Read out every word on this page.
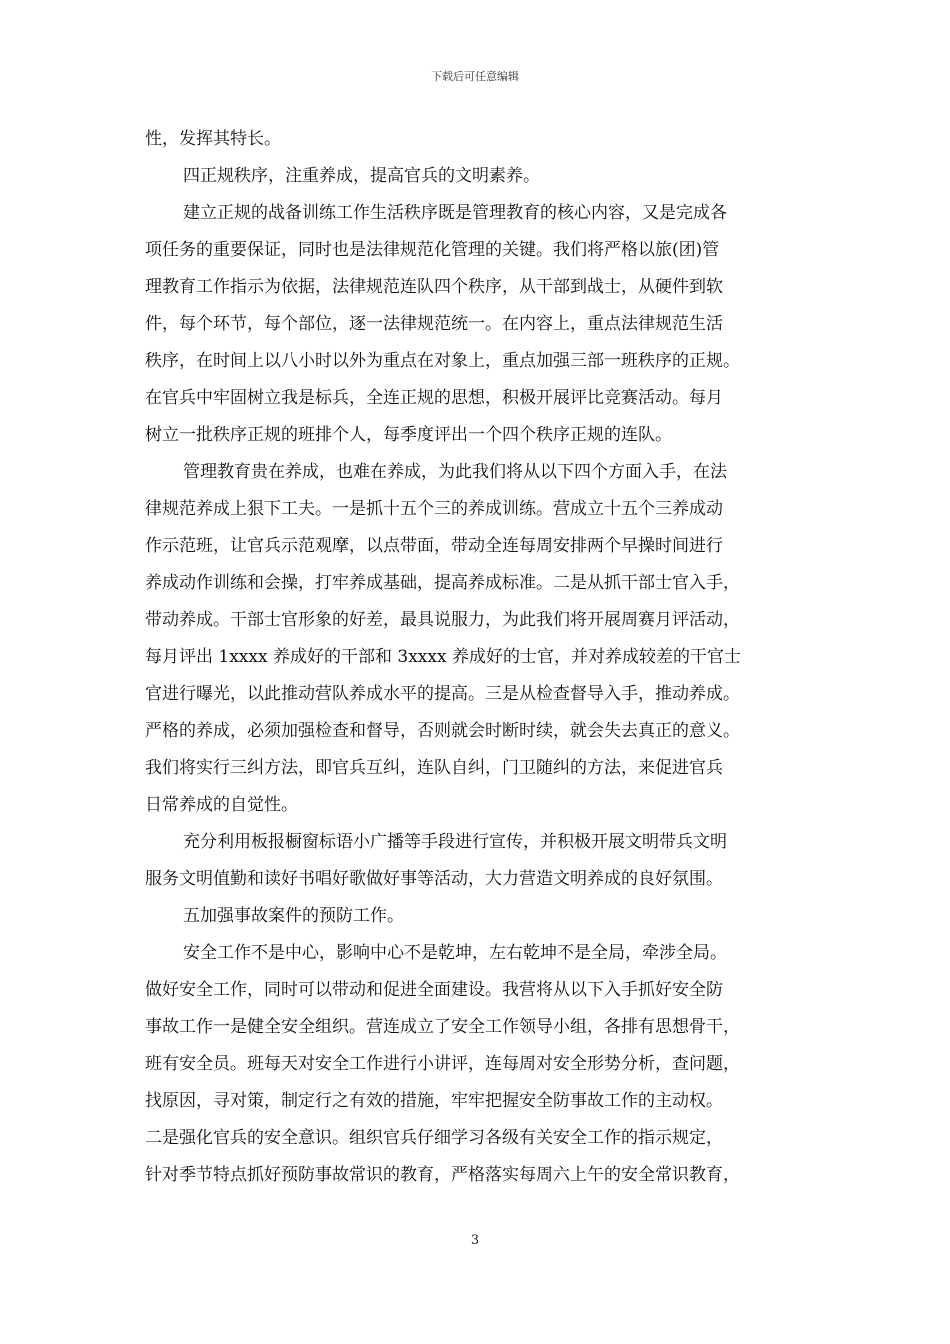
下载后可任意编辑
性，发挥其特长。
四正规秩序，注重养成，提高官兵的文明素养。
建立正规的战备训练工作生活秩序既是管理教育的核心内容，又是完成各
项任务的重要保证，同时也是法律规范化管理的关键。我们将严格以旅(团)管
理教育工作指示为依据，法律规范连队四个秩序，从干部到战士，从硬件到软
件，每个环节，每个部位，逐一法律规范统一。在内容上，重点法律规范生活
秩序，在时间上以八小时以外为重点在对象上，重点加强三部一班秩序的正规。
在官兵中牢固树立我是标兵，全连正规的思想，积极开展评比竞赛活动。每月
树立一批秩序正规的班排个人，每季度评出一个四个秩序正规的连队。
管理教育贵在养成，也难在养成，为此我们将从以下四个方面入手，在法
律规范养成上狠下工夫。一是抓十五个三的养成训练。营成立十五个三养成动
作示范班，让官兵示范观摩，以点带面，带动全连每周安排两个早操时间进行
养成动作训练和会操，打牢养成基础，提高养成标准。二是从抓干部士官入手，
带动养成。干部士官形象的好差，最具说服力，为此我们将开展周赛月评活动，
每月评出 1xxxx 养成好的干部和 3xxxx 养成好的士官，并对养成较差的干官士
官进行曝光，以此推动营队养成水平的提高。三是从检查督导入手，推动养成。
严格的养成，必须加强检查和督导，否则就会时断时续，就会失去真正的意义。
我们将实行三纠方法，即官兵互纠，连队自纠，门卫随纠的方法，来促进官兵
日常养成的自觉性。
充分利用板报橱窗标语小广播等手段进行宣传，并积极开展文明带兵文明
服务文明值勤和读好书唱好歌做好事等活动，大力营造文明养成的良好氛围。
五加强事故案件的预防工作。
安全工作不是中心，影响中心不是乾坤，左右乾坤不是全局，牵涉全局。
做好安全工作，同时可以带动和促进全面建设。我营将从以下入手抓好安全防
事故工作一是健全安全组织。营连成立了安全工作领导小组，各排有思想骨干，
班有安全员。班每天对安全工作进行小讲评，连每周对安全形势分析，查问题，
找原因，寻对策，制定行之有效的措施，牢牢把握安全防事故工作的主动权。
二是强化官兵的安全意识。组织官兵仔细学习各级有关安全工作的指示规定，
针对季节特点抓好预防事故常识的教育，严格落实每周六上午的安全常识教育，
3
